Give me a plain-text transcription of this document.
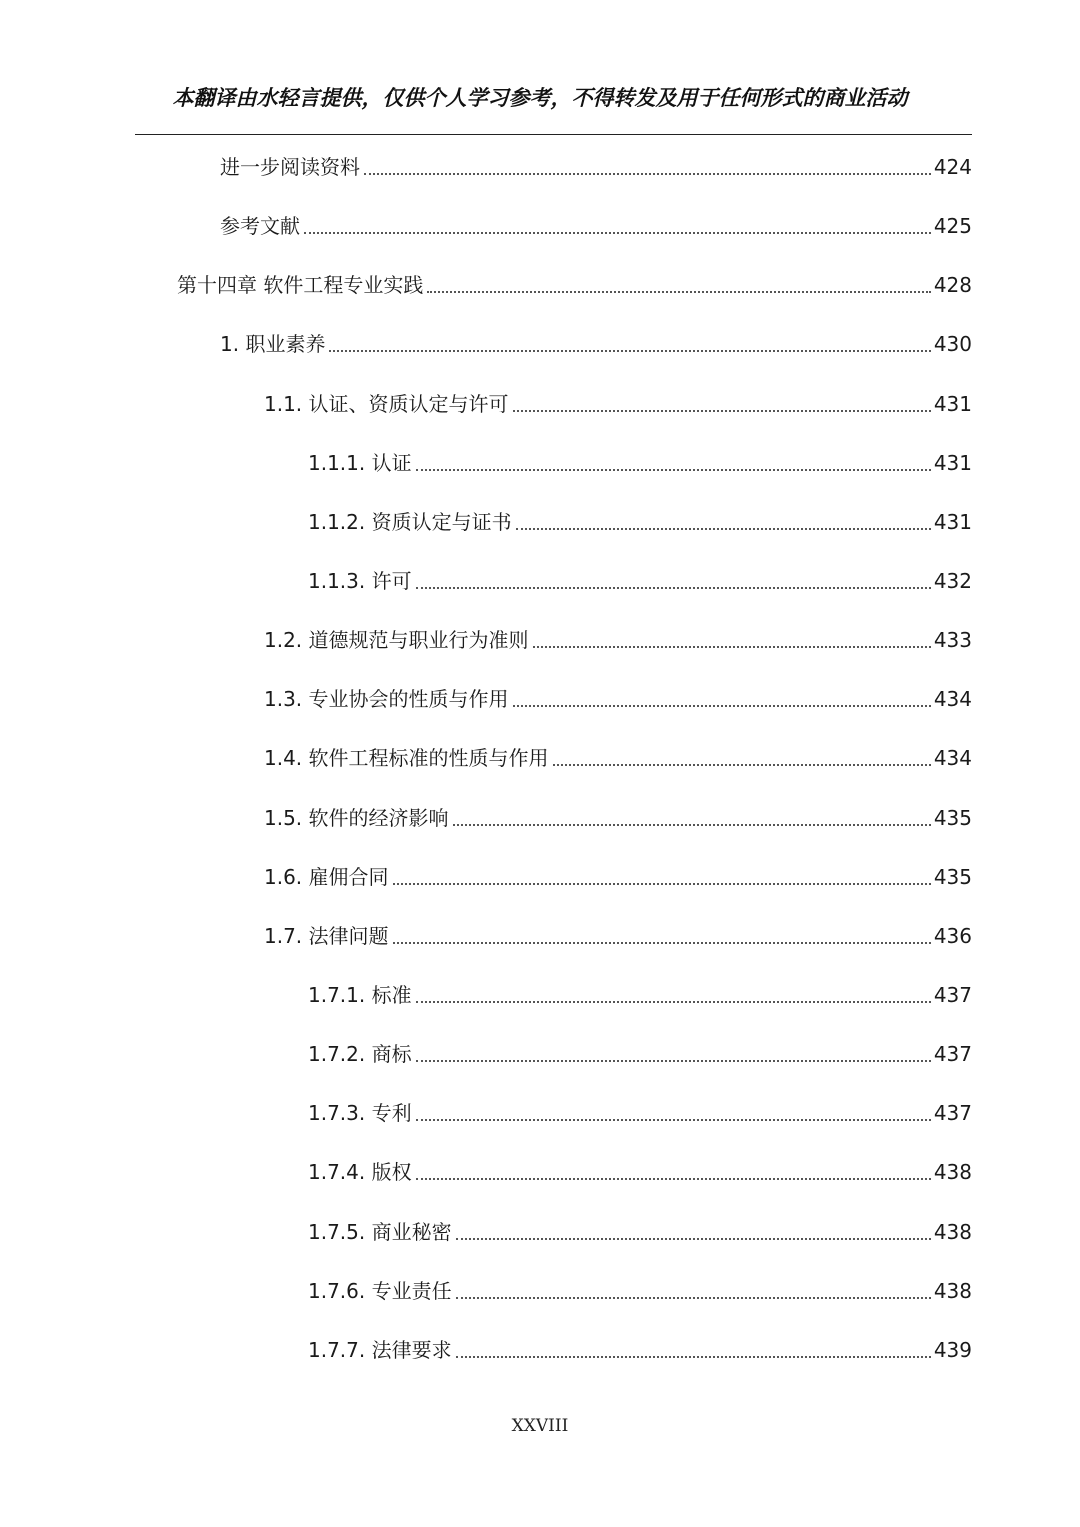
本翻译由水轻言提供，仅供个人学习参考，不得转发及用于任何形式的商业活动
进一步阅读资料	424
参考文献	425
第十四章 软件工程专业实践	428
1. 职业素养	430
1.1. 认证、资质认定与许可	431
1.1.1. 认证	431
1.1.2. 资质认定与证书	431
1.1.3. 许可	432
1.2. 道德规范与职业行为准则	433
1.3. 专业协会的性质与作用	434
1.4. 软件工程标准的性质与作用	434
1.5. 软件的经济影响	435
1.6. 雇佣合同	435
1.7. 法律问题	436
1.7.1. 标准	437
1.7.2. 商标	437
1.7.3. 专利	437
1.7.4. 版权	438
1.7.5. 商业秘密	438
1.7.6. 专业责任	438
1.7.7. 法律要求	439
XXVIII
